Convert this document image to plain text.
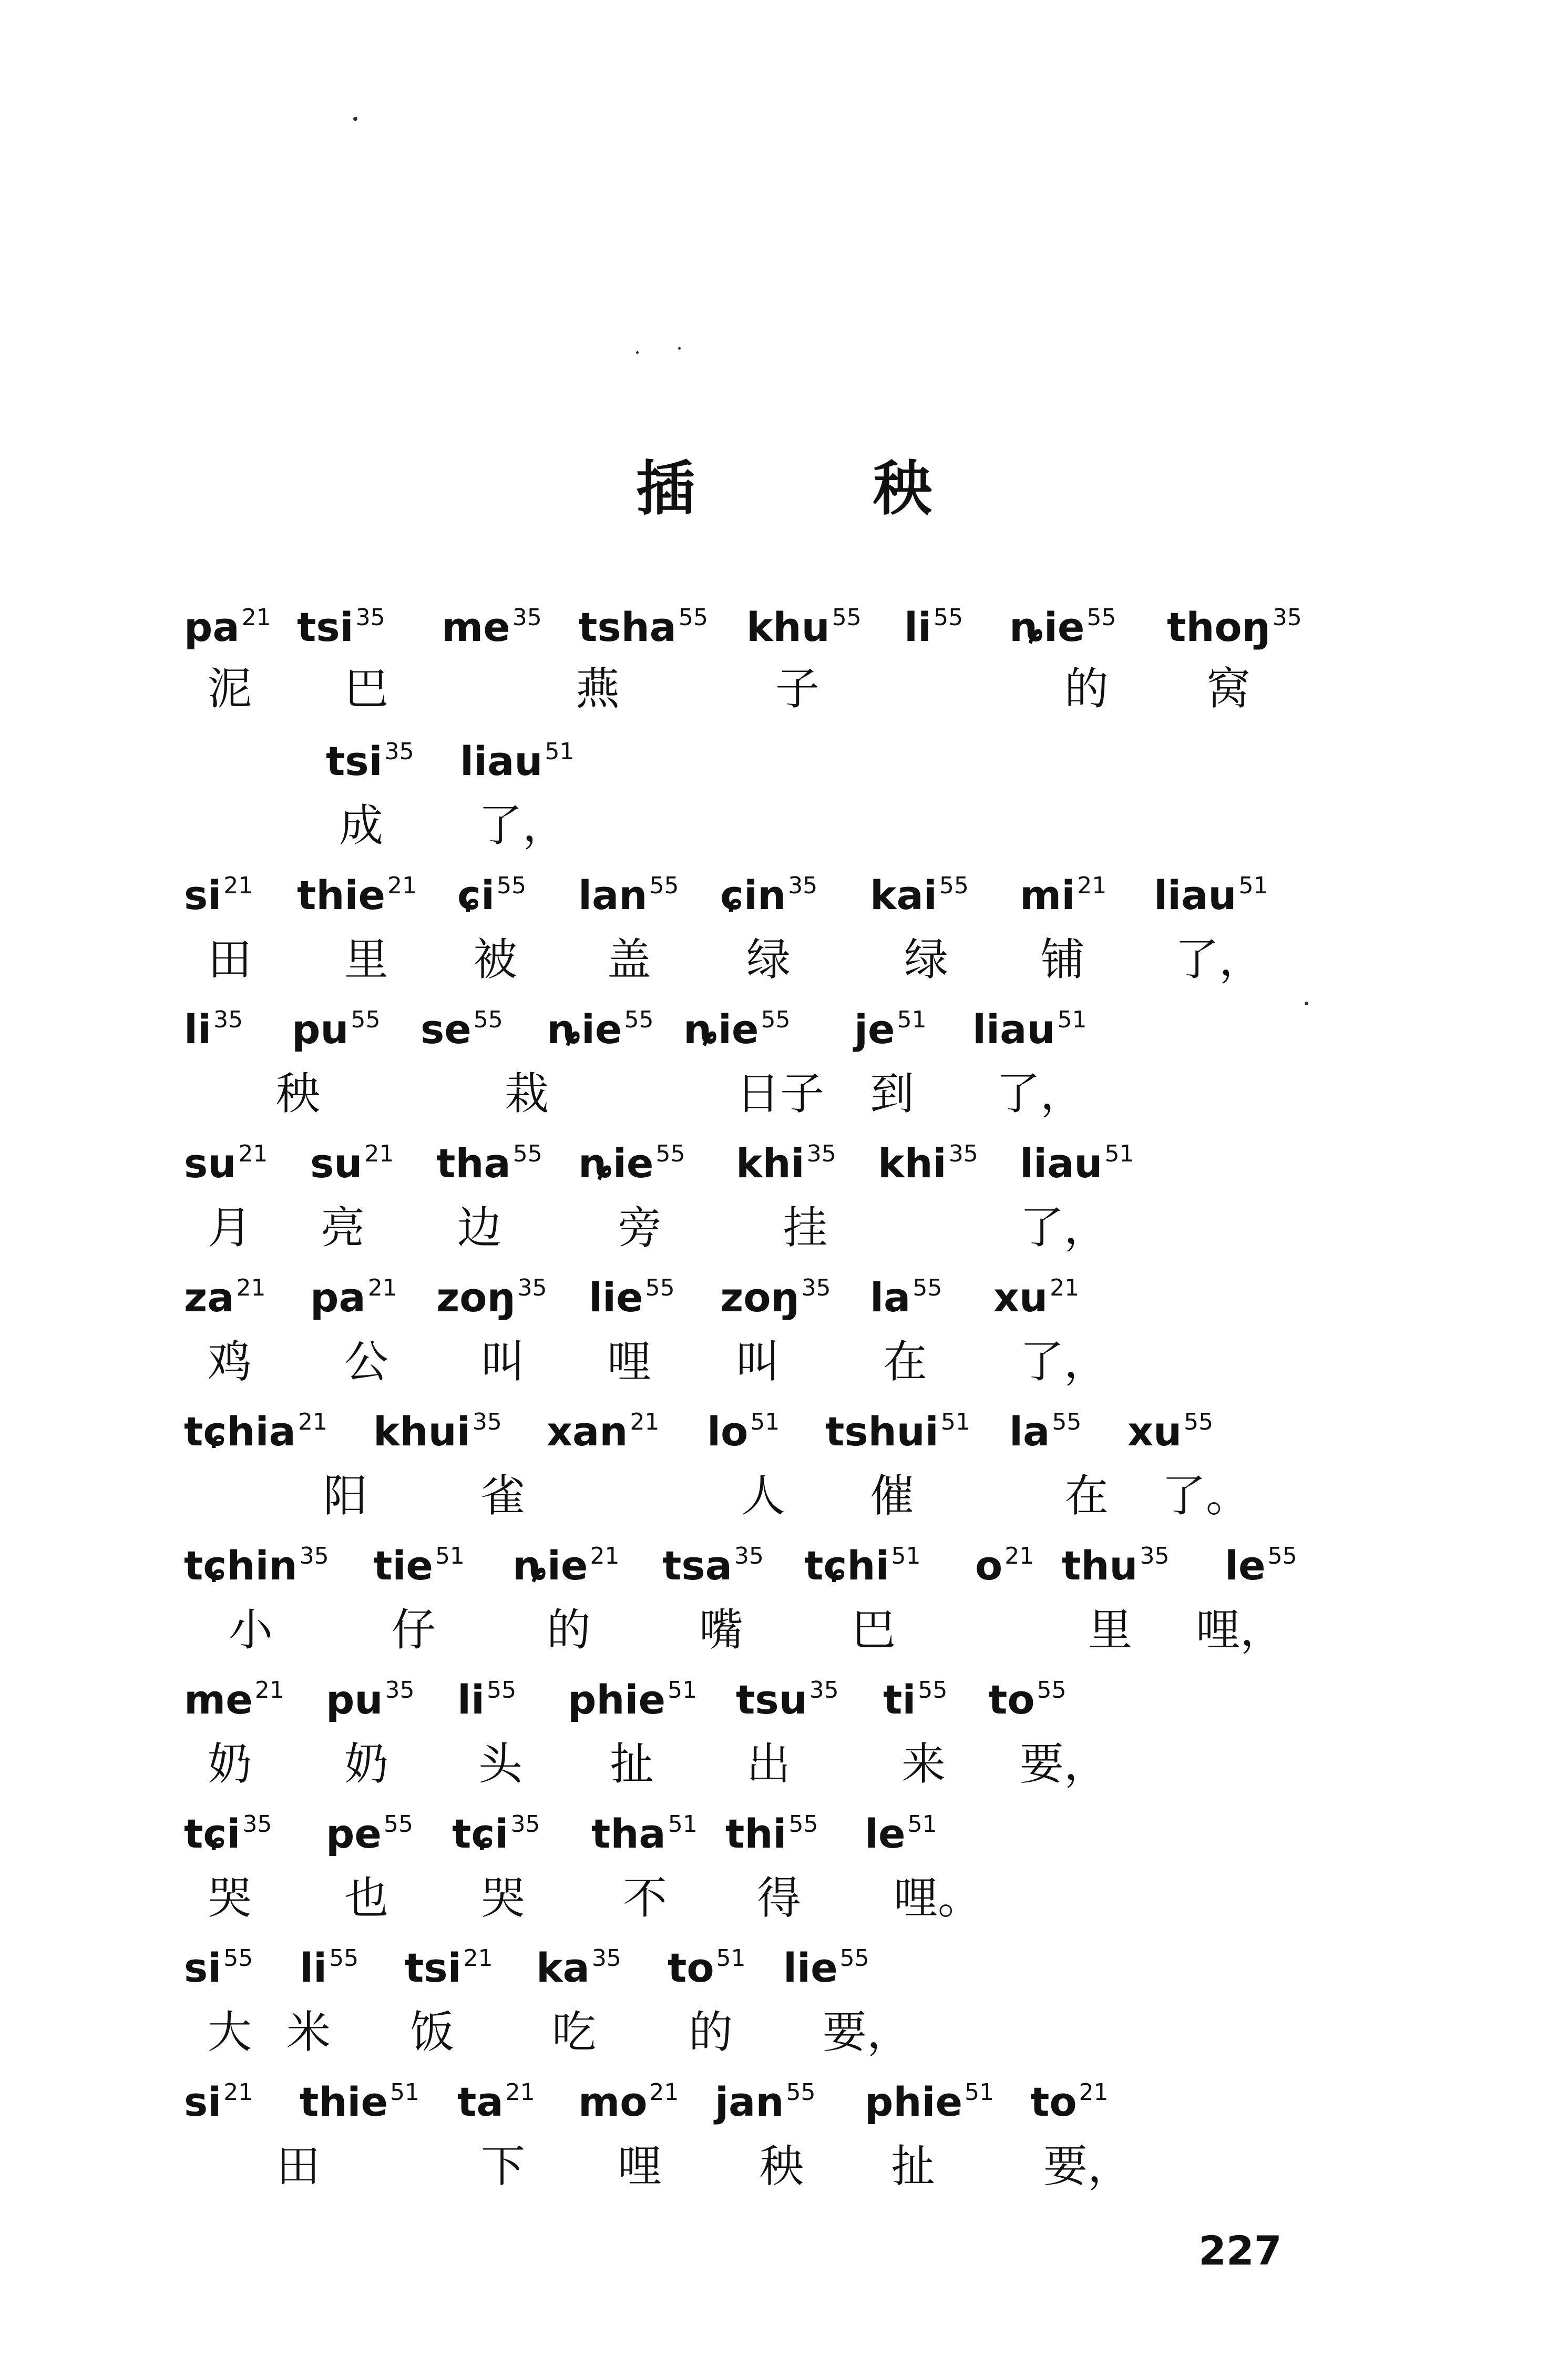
插 秧
$pa^{21}$ tsi$^{35}$ $me^{35}$ tsha$^{55}$ khu$^{55}$ $li^{55}$ ȵie$^{55}$ thoŋ$^{35}$
泥 巴	燕	子	的 窝
tsi$^{35}$ liau$^{51}$
成 了，
$si^{21}$ thie$^{21}$ ɕi$^{55}$ lan$^{55}$ ɕin$^{35}$ kai$^{55}$ $mi^{21}$ liau$^{51}$
田 里 被 盖 绿	绿 铺 了，
$li^{35}$ $pu^{55}$ $se^{55}$ ȵie$^{55}$ ȵie$^{55}$ $je^{51}$ liau$^{51}$
秧	栽	日子 到 了，
$su^{21}$ $su^{21}$ tha$^{55}$ ȵie$^{55}$ khi$^{35}$ khi$^{35}$ liau$^{51}$
月 亮 边	旁	挂	了，
$za^{21}$ $pa^{21}$ zoŋ$^{35}$ lie$^{55}$ zoŋ$^{35}$ $la^{55}$ $xu^{21}$
鸡 公 叫 哩 叫 在 了，
tɕhia$^{21}$ khui$^{35}$ xan$^{21}$ $lo^{51}$ tshui$^{51}$ $la^{55}$ $xu^{55}$
阳	雀	人 催	在 了。
tɕhin$^{35}$ tie$^{51}$ ȵie$^{21}$ tsa$^{35}$ tɕhi$^{51}$ $o^{21}$ thu$^{35}$ $le^{55}$
小	仔	的 嘴 巴	里 哩，
$me^{21}$ $pu^{35}$ $li^{55}$ phie$^{51}$ tsu$^{35}$ $ti^{55}$ $to^{55}$
奶 奶 头 扯 出	来 要，
tɕi$^{35}$ $pe^{55}$ tɕi$^{35}$ tha$^{51}$ thi$^{55}$ $le^{51}$
哭 也 哭 不 得 哩。
$si^{55}$ $li^{55}$ tsi$^{21}$ $ka^{35}$ $to^{51}$ lie$^{55}$
大 米 饭 吃 的 要，
$si^{21}$ thie$^{51}$ $ta^{21}$ $mo^{21}$ jan$^{55}$ phie$^{51}$ $to^{21}$
田	下 哩 秧 扯 要，
227
